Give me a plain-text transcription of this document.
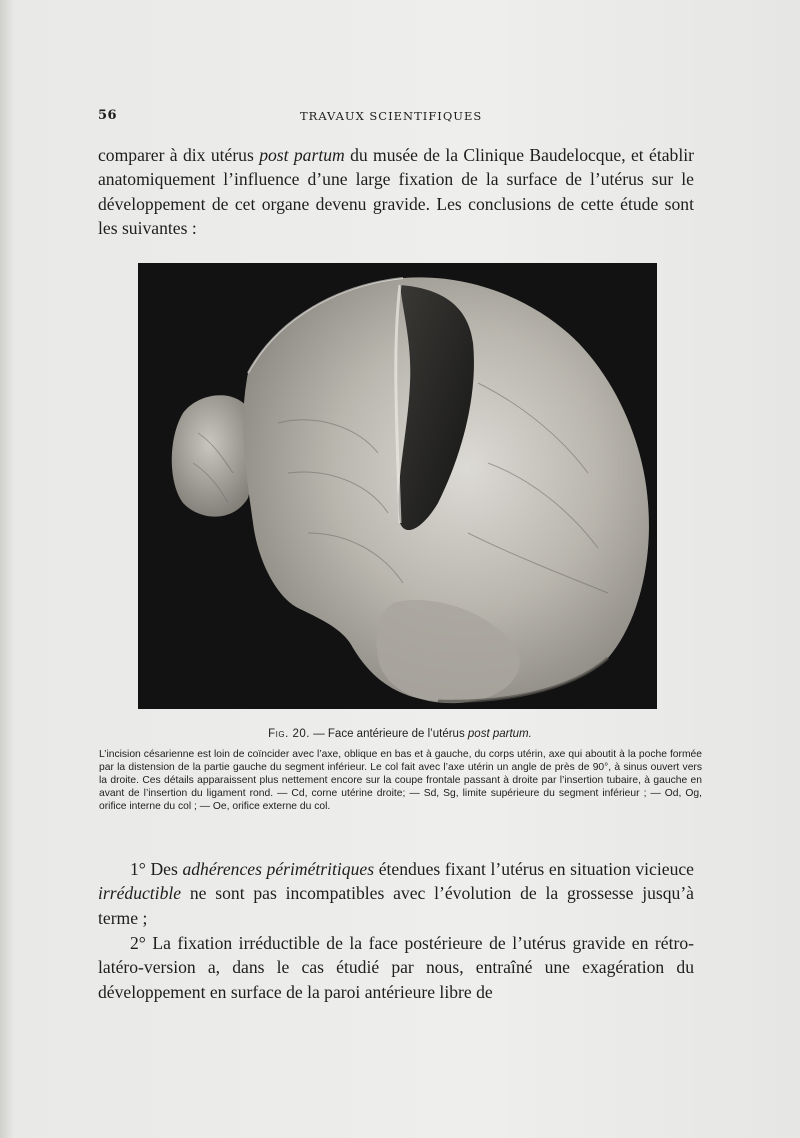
56	TRAVAUX SCIENTIFIQUES

comparer à dix utérus post partum du musée de la Clinique Baudelocque, et établir anatomiquement l’influence d’une large fixation de la surface de l’utérus sur le développement de cet organe devenu gravide. Les conclusions de cette étude sont les suivantes :

Fig. 20. — Face antérieure de l’utérus post partum.

L’incision césarienne est loin de coïncider avec l’axe, oblique en bas et à gauche, du corps utérin, axe qui aboutit à la poche formée par la distension de la partie gauche du segment inférieur. Le col fait avec l’axe utérin un angle de près de 90°, à sinus ouvert vers la droite. Ces détails apparaissent plus nettement encore sur la coupe frontale passant à droite par l’insertion tubaire, à gauche en avant de l’insertion du ligament rond. — Cd, corne utérine droite; — Sd, Sg, limite supérieure du segment inférieur ; — Od, Og, orifice interne du col ; — Oe, orifice externe du col.

1° Des adhérences périmétritiques étendues fixant l’utérus en situation vicieuce irréductible ne sont pas incompatibles avec l’évolution de la grossesse jusqu’à terme ;

2° La fixation irréductible de la face postérieure de l’utérus gravide en rétro-latéro-version a, dans le cas étudié par nous, entraîné une exagération du développement en surface de la paroi antérieure libre de
